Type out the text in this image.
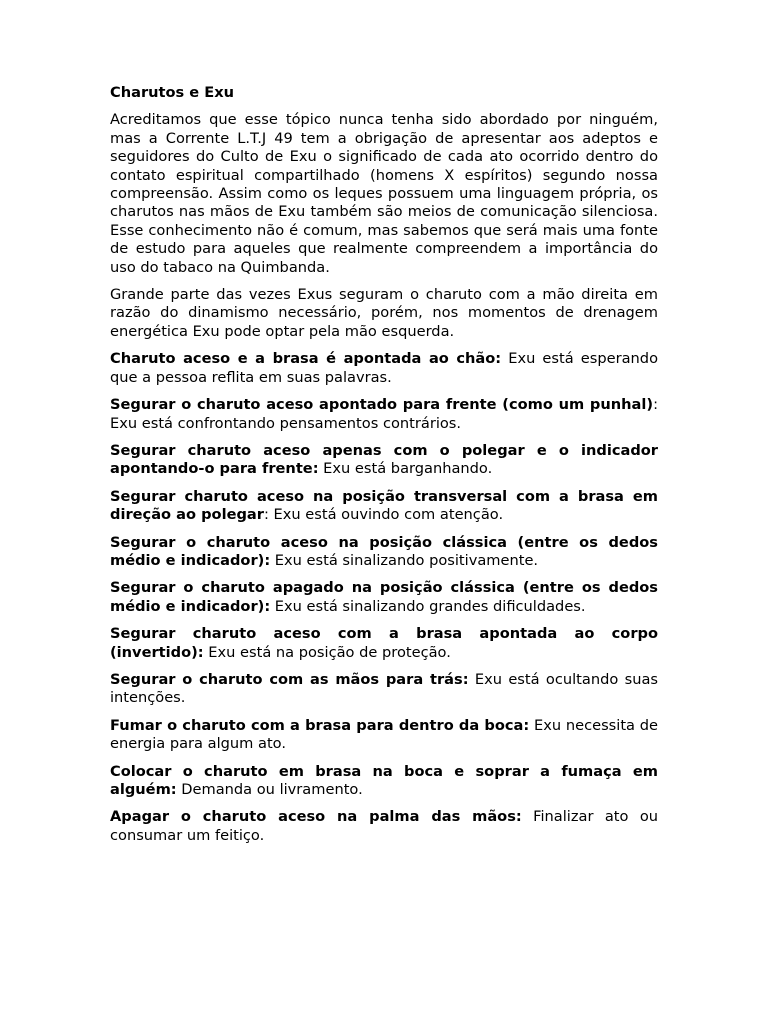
Charutos e Exu

Acreditamos que esse tópico nunca tenha sido abordado por ninguém, mas a Corrente L.T.J 49 tem a obrigação de apresentar aos adeptos e seguidores do Culto de Exu o significado de cada ato ocorrido dentro do contato espiritual compartilhado (homens X espíritos) segundo nossa compreensão. Assim como os leques possuem uma linguagem própria, os charutos nas mãos de Exu também são meios de comunicação silenciosa. Esse conhecimento não é comum, mas sabemos que será mais uma fonte de estudo para aqueles que realmente compreendem a importância do uso do tabaco na Quimbanda.

Grande parte das vezes Exus seguram o charuto com a mão direita em razão do dinamismo necessário, porém, nos momentos de drenagem energética Exu pode optar pela mão esquerda.

Charuto aceso e a brasa é apontada ao chão: Exu está esperando que a pessoa reflita em suas palavras.

Segurar o charuto aceso apontado para frente (como um punhal): Exu está confrontando pensamentos contrários.

Segurar charuto aceso apenas com o polegar e o indicador apontando-o para frente: Exu está barganhando.

Segurar charuto aceso na posição transversal com a brasa em direção ao polegar: Exu está ouvindo com atenção.

Segurar o charuto aceso na posição clássica (entre os dedos médio e indicador): Exu está sinalizando positivamente.

Segurar o charuto apagado na posição clássica (entre os dedos médio e indicador): Exu está sinalizando grandes dificuldades.

Segurar charuto aceso com a brasa apontada ao corpo (invertido): Exu está na posição de proteção.

Segurar o charuto com as mãos para trás: Exu está ocultando suas intenções.

Fumar o charuto com a brasa para dentro da boca: Exu necessita de energia para algum ato.

Colocar o charuto em brasa na boca e soprar a fumaça em alguém: Demanda ou livramento.

Apagar o charuto aceso na palma das mãos: Finalizar ato ou consumar um feitiço.
